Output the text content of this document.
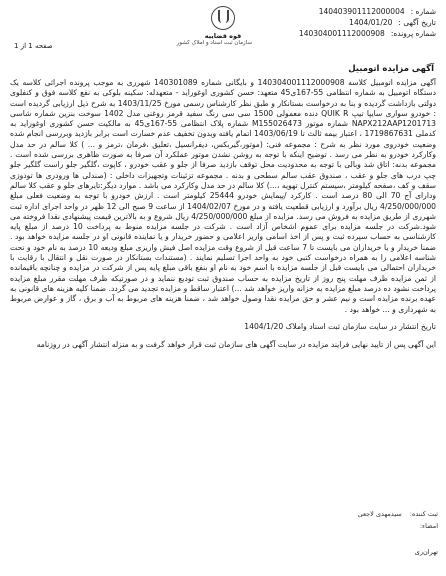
شماره :
140403901112000004
تاریخ آگهی :
1404/01/20
شماره پرونده:
140304001112000908
قوه قضاییه
سازمان ثبت اسناد و املاک کشور
صفحه 1 از 1
آگهی مزایده اتومبیل

آگهی مزایده اتومبیل کلاسه 140304001112000908 و بایگانی شماره 140301089 شهرری به موجب پرونده اجرائی کلاسه یک دستگاه اتومبیل به شماره انتظامی 55-167ی45 متعهد: حسن کشوری اوغوراید - متعهدله: سکینه بلوکی به نفع کلاسه فوق و کنفلوی دولتی بازداشت گردیده و بنا به درخواست بستانکار و طبق نظر کارشناس رسمی مورخ 1403/11/25 به شرح ذیل ارزیابی گردیده است : خودرو سواری سایپا تیپ QUIK R دنده معمولی 1500 سی سی رنگ سفید قرمز روغنی مدل 1402 سوخت بنزین شماره شاسی NAPX212AAP1201713 شماره موتور M155026473 شماره پلاک انتظامی 55-167ی45 به مالکیت حسن کشوری اوغوراید به کدملی 1719867631 ، اعتبار بیمه ثالث تا 1403/06/19 اتمام یافته وبدون تخفیف عدم خسارت است برابر بازدید وبررسی انجام شده وضعیت خودروی مورد نظر به شرح : مجموعه فنی: (موتور،گیربکس، دیفرانسیل ،تعلیق ،فرمان ،ترمز و ... ) کلا سالم در حد مدل وکارکرد خودرو به نظر می رسد . توضیح اینکه با توجه به روشن نشدن موتور عملکرد آن صرفا به صورت ظاهری بررسی شده است . مجموعه بدنه: اتاق شد وبالی با توجه به محدودیت محل توقف بازدید صرفا از جلو و عقب خودرو ، کاپوت ،گلگیر جلو راست گلگیر جلو چپ درب های جلو و عقب ، صندوق عقب سالم سطحی و بدنه . مجموعه تزئینات وتجهیزات داخلی : (صندلی ها ورودری ها تودوزی سقف و کف ،صفحه کیلومتر ،سیستم کنترل تهویه ،...) کلا سالم در حد مدل وکارکرد می باشد . موارد دیگر:تایرهای جلو و عقب کلا سالم ودارای آج 70 الی 80 درصد است . کارکرد /پیمایش خودرو 25444 کیلومتر است . ارزش خودرو با توجه به وضعیت فعلی مبلغ 4/250/000/000 ریال برآورد و ارزیابی قطعیت یافته و در مورخ 1404/02/07 از ساعت 9 صبح الی 12 ظهر در واحد اجرای اداره ثبت شهرری از طریق مزایده به فروش می رسد. مزایده از مبلغ 4/250/000/000 ریال شروع و به بالاترین قیمت پیشنهادی نقدا فروخته می شود.شرکت در جلسه مزایده برای عموم اشخاص آزاد است . شرکت در جلسه مزایده منوط به پرداخت 10 درصد از مبلغ پایه کارشناسی به حساب سپرده ثبت و پس از اخذ اسامی واریز اعلامی و حضور خریدار و یا نماینده قانونی او در جلسه مزایده خواهد بود . ضمنا خریدار و یا خریداران می بایست تا 7 ساعت قبل از شروع وقت مزایده اصل فیش واریزی مبلغ ودیعه 10 درصد به نام خود و تحت شناسه اعلامی را به همراه درخواست کتبی خود به واحد اجرا تسلیم نمایند . (مستندات بستانکار در صورت نقل و انتقال با رقابت با خریداران احتمالی می بایست قبل از جلسه مزایده با اسم خود به نام او بنفع باقی مبلغ پایه پس از شرکت در مزایده و چنانچه باقیمانده از ثمن مزایده ظرف مهلت پنج روز از تاریخ مزایده به حساب صندوق ثبت تودیع ننماید و در صورتیکه ظرف مهلت مقرر مبلغ مزایده پرداخت نشود ده درصد مبلغ مزایده به خزانه واریز خواهد شد ...) اعتبار ساقط و مزایده تجدید می گردد. ضمنا کلیه هزینه های قانونی به عهده برنده مزایده است و نیم عشر و حق مزایده نقدا وصول خواهد شد ، ضمنا هزینه های مربوط به آب و برق ، گاز و عوارض مربوط به شهرداری و ... خواهد بود .

تاریخ انتشار در سایت سازمان ثبت اسناد واملاک 1404/1/20

این آگهی پس از تایید نهایی فرایند مزایده در سایت آگهی های سازمان ثبت قرار خواهد گرفت و به منزله انتشار آگهی در روزنامه

ثبت کننده:
سیدمهدی لاجعی
امضاء:
تهران‌ری
